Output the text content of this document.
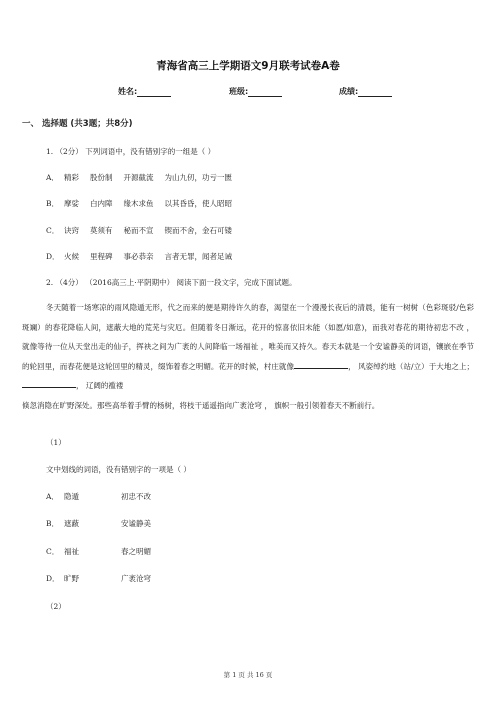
青海省高三上学期语文9月联考试卷A卷
姓名:	班级:	成绩:
一、 选择题 (共3题；共8分)
1. （2分） 下列词语中，没有错别字的一组是（ ）
A． 精彩 股份制 开源截流 为山九仞，功亏一匮
B． 摩娑 白内障 缘木求鱼 以其昏昏，使人昭昭
C． 诀窍 莫须有 秘而不宣 锲而不舍，金石可镂
D． 火候 里程碑 事必恭亲 言者无罪，闻者足诫
2. （4分） （2016高三上·平阴期中） 阅读下面一段文字，完成下面试题。
冬天随着一场寒凉的雨风隐遁无形，代之而来的便是期待许久的春，渴望在一个漫漫长夜后的清晨，能有一树树（色彩斑驳/色彩斑斓）的春花降临人间，遮蔽大地的荒芜与灾厄。但随着冬日渐远，花开的惊喜依旧未能（如愿/如意)，而我对春花的期待初忠不改 ， 就像等待一位从天堂出走的仙子，挥袂之间为广袤的人间降临一场福祉 ，唯美而又持久。春天本就是一个安谧静美的词语，镶嵌在季节的轮回里，而春花便是这轮回里的精灵，缀饰着春之明媚。花开的时候，村庄就像	， 风姿绰约地（站/立）于大地之上；， 辽阔的褴褛
倏忽消隐在旷野深处。那些高举着手臂的杨树，将枝干遥遥指向广袤沧穹 ， 旗帜一般引领着春天不断前行。
（1）
文中划线的词语，没有错别字的一项是（ ）
A． 隐遁	初忠不改
B． 遮蔽	安谧静美
C． 福祉	春之明媚
D． 旷野	广袤沧穹
（2）
第 1 页 共 16 页
